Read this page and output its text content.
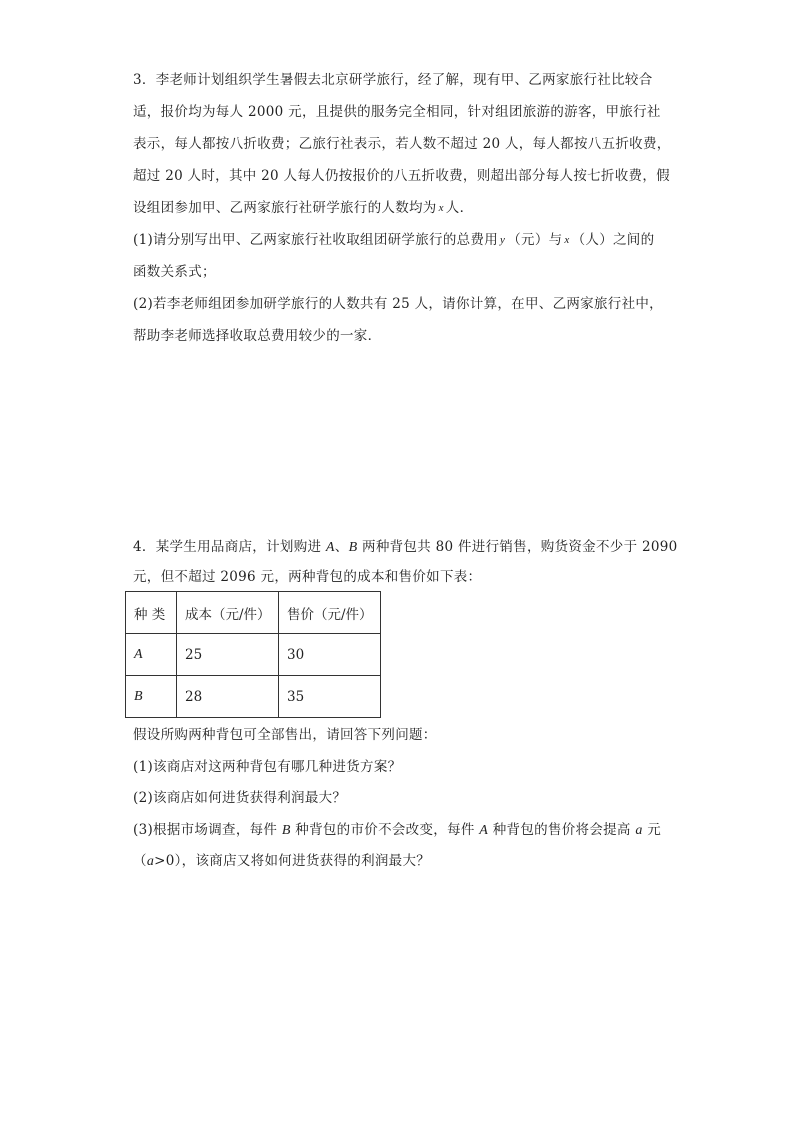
3．李老师计划组织学生暑假去北京研学旅行，经了解，现有甲、乙两家旅行社比较合

适，报价均为每人 2000 元，且提供的服务完全相同，针对组团旅游的游客，甲旅行社

表示，每人都按八折收费；乙旅行社表示，若人数不超过 20 人，每人都按八五折收费，

超过 20 人时，其中 20 人每人仍按报价的八五折收费，则超出部分每人按七折收费，假

设组团参加甲、乙两家旅行社研学旅行的人数均为 x 人．

(1)请分别写出甲、乙两家旅行社收取组团研学旅行的总费用 y （元）与 x （人）之间的

函数关系式；

(2)若李老师组团参加研学旅行的人数共有 25 人，请你计算，在甲、乙两家旅行社中，

帮助李老师选择收取总费用较少的一家．

4．某学生用品商店，计划购进 A、B 两种背包共 80 件进行销售，购货资金不少于 2090

元，但不超过 2096 元，两种背包的成本和售价如下表：

种 类	成本（元/件）	售价（元/件）
A	25	30
B	28	35

假设所购两种背包可全部售出，请回答下列问题：

(1)该商店对这两种背包有哪几种进货方案？

(2)该商店如何进货获得利润最大？

(3)根据市场调查，每件 B 种背包的市价不会改变，每件 A 种背包的售价将会提高 a 元

（a>0），该商店又将如何进货获得的利润最大？
